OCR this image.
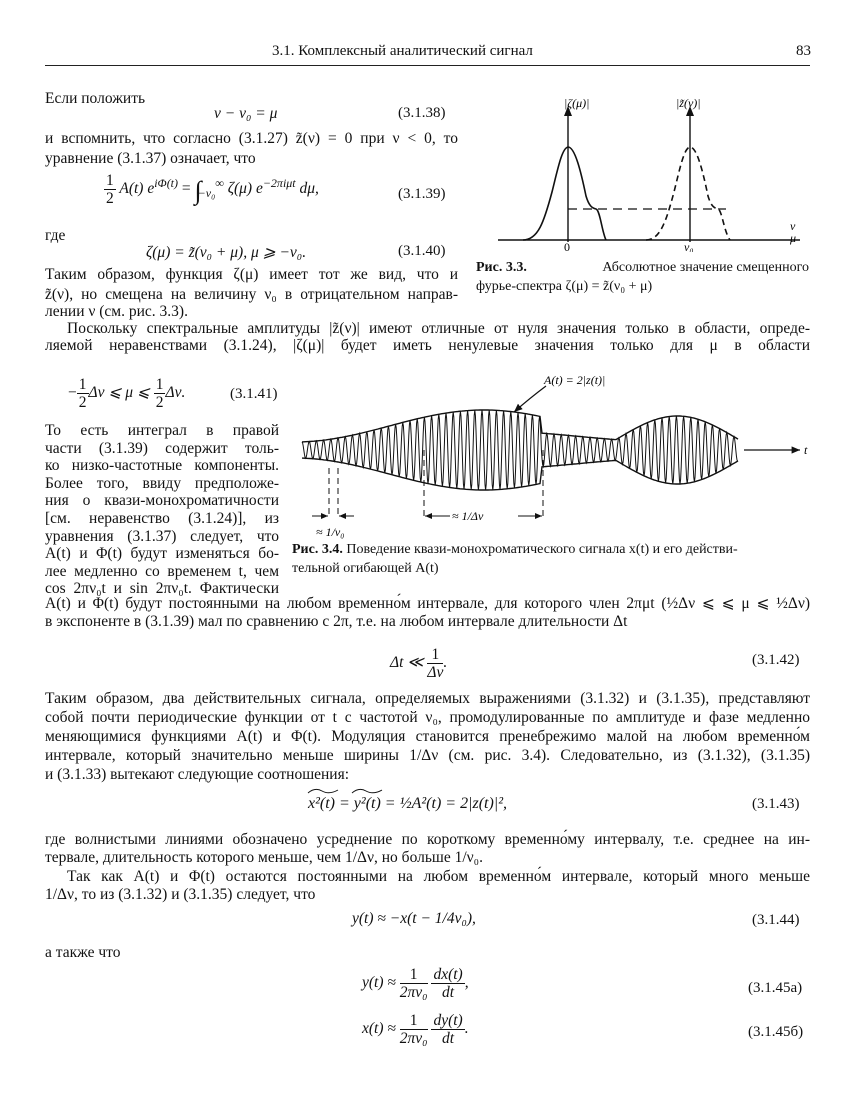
3.1. Комплексный аналитический сигнал	83
Если положить
ν − ν₀ = μ	(3.1.38)
и вспомнить, что согласно (3.1.27) z̃(ν) = 0 при ν < 0, то
уравнение (3.1.37) означает, что
$\frac{1}{2} A(t) e^{i\Phi(t)} = \int_{-\nu_0}^\infty$ ζ(μ) $e^{-2\pi i\mu t}$ dμ,	(3.1.39)
где
ζ(μ) = z̃(ν₀ + μ), μ ⩾ −ν₀.	(3.1.40)
Таким образом, функция ζ(μ) имеет тот же вид, что и
z̃(ν), но смещена на величину ν₀ в отрицательном направ-
лении ν (см. рис. 3.3).
|ζ(μ)|	|z̃(ν)|
0	ν₀
ν
μ
Рис. 3.3.	Абсолютное значение смещенного
фурье-спектра ζ(μ) = z̃(ν₀ + μ)
Поскольку спектральные амплитуды |z̃(ν)| имеют отличные от нуля значения только в области, опреде-
ляемой неравенствами (3.1.24), |ζ(μ)| будет иметь ненулевые значения только для μ в области
− $\frac{1}{2}$ Δν ⩽ μ ⩽ $\frac{1}{2} \Delta\nu$.	(3.1.41)
То есть интеграл в правой
части (3.1.39) содержит толь-
ко низко-частотные компоненты.
Более того, ввиду предположе-
ния о квази-монохроматичности
[см. неравенство (3.1.24)], из
уравнения (3.1.37) следует, что
A(t) и Φ(t) будут изменяться бо-
лее медленно со временем t, чем
cos 2πν₀t и sin 2πν₀t. Фактически
t
A(t) = 2|z(t)|
≈ 1/Δν
≈ 1/ν₀
Рис. 3.4. Поведение квази-монохроматического сигнала x(t) и его действи-
тельной огибающей A(t)
A(t) и Φ(t) будут постоянными на любом временно́м интервале, для которого член 2πμt (½Δν ⩽ ⩽ μ ⩽ ½Δν)
в экспоненте в (3.1.39) мал по сравнению с 2π, т.е. на любом интервале длительности Δt
Δt ≪ $\frac{1}{\Delta\nu}$ .	(3.1.42)
Таким образом, два действительных сигнала, определяемых выражениями (3.1.32) и (3.1.35), представляют
собой почти периодические функции от t с частотой ν₀, промодулированные по амплитуде и фазе медленно
меняющимися функциями A(t) и Φ(t). Модуляция становится пренебрежимо малой на любом временно́м
интервале, который значительно меньше ширины 1/Δν (см. рис. 3.4). Следовательно, из (3.1.32), (3.1.35)
и (3.1.33) вытекают следующие соотношения:
x²(t) = y²(t) = ½A²(t) = 2|z(t)|²,	(3.1.43)
где волнистыми линиями обозначено усреднение по короткому временно́му интервалу, т.е. среднее на ин-
тервале, длительность которого меньше, чем 1/Δν, но больше 1/ν₀.
Так как A(t) и Φ(t) остаются постоянными на любом временно́м интервале, который много меньше
1/Δν, то из (3.1.32) и (3.1.35) следует, что
y(t) ≈ −x(t − 1/4ν₀),	(3.1.44)
а также что
$y(t) \approx \frac{1}{\text{2πν₀}}$
$\frac{dx(t)}{dt}$ ,	(3.1.45а)
$x(t) \approx \frac{1}{\text{2πν₀}}$
$\frac{dy(t)}{dt}$ .	(3.1.45б)
